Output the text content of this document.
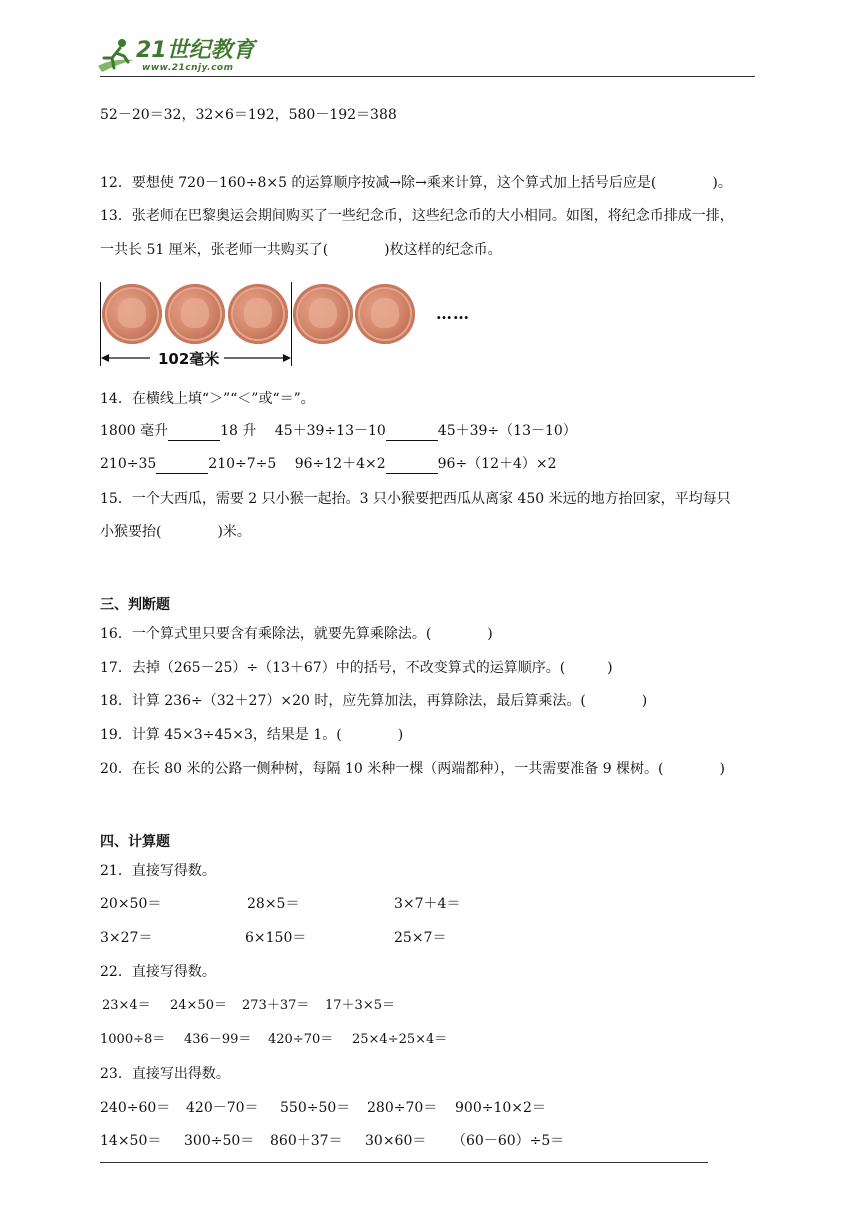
21世纪教育
www.21cnjy.com
52－20＝32，32×6＝192，580－192＝388
12．要想使 720－160÷8×5 的运算顺序按减→除→乘来计算，这个算式加上括号后应是(　　　　)。
13．张老师在巴黎奥运会期间购买了一些纪念币，这些纪念币的大小相同。如图，将纪念币排成一排，
一共长 51 厘米，张老师一共购买了(　　　　)枚这样的纪念币。
……
102毫米
14．在横线上填“＞”“＜”或“＝”。
1800 毫升	18 升　 45＋39÷13－10	45＋39÷（13－10）
210÷35	210÷7÷5　 96÷12＋4×2	96÷（12＋4）×2
15．一个大西瓜，需要 2 只小猴一起抬。3 只小猴要把西瓜从离家 450 米远的地方抬回家，平均每只
小猴要抬(　　　　)米。
三、判断题
16．一个算式里只要含有乘除法，就要先算乘除法。(　　　　)
17．去掉（265－25）÷（13＋67）中的括号，不改变算式的运算顺序。(　　　)
18．计算 236÷（32＋27）×20 时，应先算加法，再算除法，最后算乘法。(　　　　)
19．计算 45×3÷45×3，结果是 1。(　　　　)
20．在长 80 米的公路一侧种树，每隔 10 米种一棵（两端都种），一共需要准备 9 棵树。(　　　　)
四、计算题
21．直接写得数。
20×50＝	28×5＝	3×7＋4＝
3×27＝	6×150＝	25×7＝
22．直接写得数。
23×4＝ 24×50＝ 273＋37＝ 17＋3×5＝
1000÷8＝ 436－99＝ 420÷70＝ 25×4÷25×4＝
23．直接写出得数。
240÷60＝ 420－70＝ 550÷50＝ 280÷70＝ 900÷10×2＝
14×50＝ 300÷50＝ 860＋37＝ 30×60＝ （60－60）÷5＝
